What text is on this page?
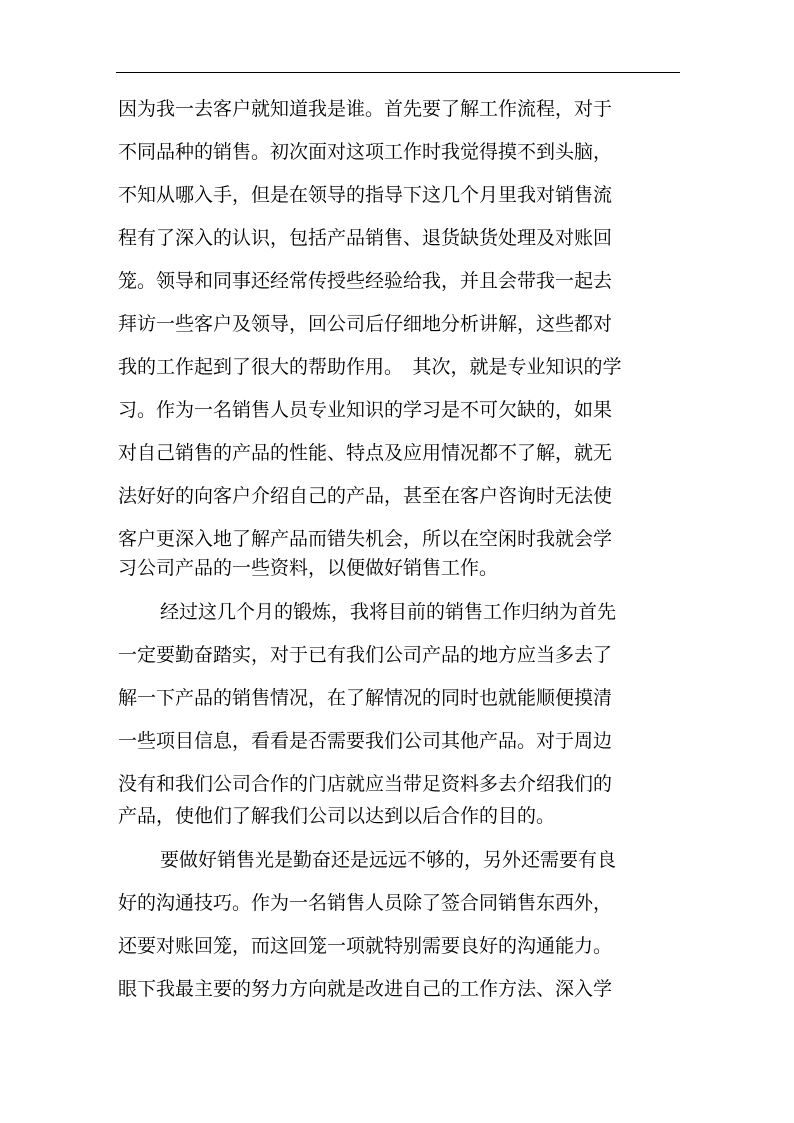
因为我一去客户就知道我是谁。首先要了解工作流程，对于
不同品种的销售。初次面对这项工作时我觉得摸不到头脑，
不知从哪入手，但是在领导的指导下这几个月里我对销售流
程有了深入的认识，包括产品销售、退货缺货处理及对账回
笼。领导和同事还经常传授些经验给我，并且会带我一起去
拜访一些客户及领导，回公司后仔细地分析讲解，这些都对
我的工作起到了很大的帮助作用。　其次，就是专业知识的学
习。作为一名销售人员专业知识的学习是不可欠缺的，如果
对自己销售的产品的性能、特点及应用情况都不了解，就无
法好好的向客户介绍自己的产品，甚至在客户咨询时无法使
客户更深入地了解产品而错失机会，所以在空闲时我就会学
习公司产品的一些资料，以便做好销售工作。
经过这几个月的锻炼，我将目前的销售工作归纳为首先
一定要勤奋踏实，对于已有我们公司产品的地方应当多去了
解一下产品的销售情况，在了解情况的同时也就能顺便摸清
一些项目信息，看看是否需要我们公司其他产品。对于周边
没有和我们公司合作的门店就应当带足资料多去介绍我们的
产品，使他们了解我们公司以达到以后合作的目的。
要做好销售光是勤奋还是远远不够的，另外还需要有良
好的沟通技巧。作为一名销售人员除了签合同销售东西外，
还要对账回笼，而这回笼一项就特别需要良好的沟通能力。
眼下我最主要的努力方向就是改进自己的工作方法、深入学
